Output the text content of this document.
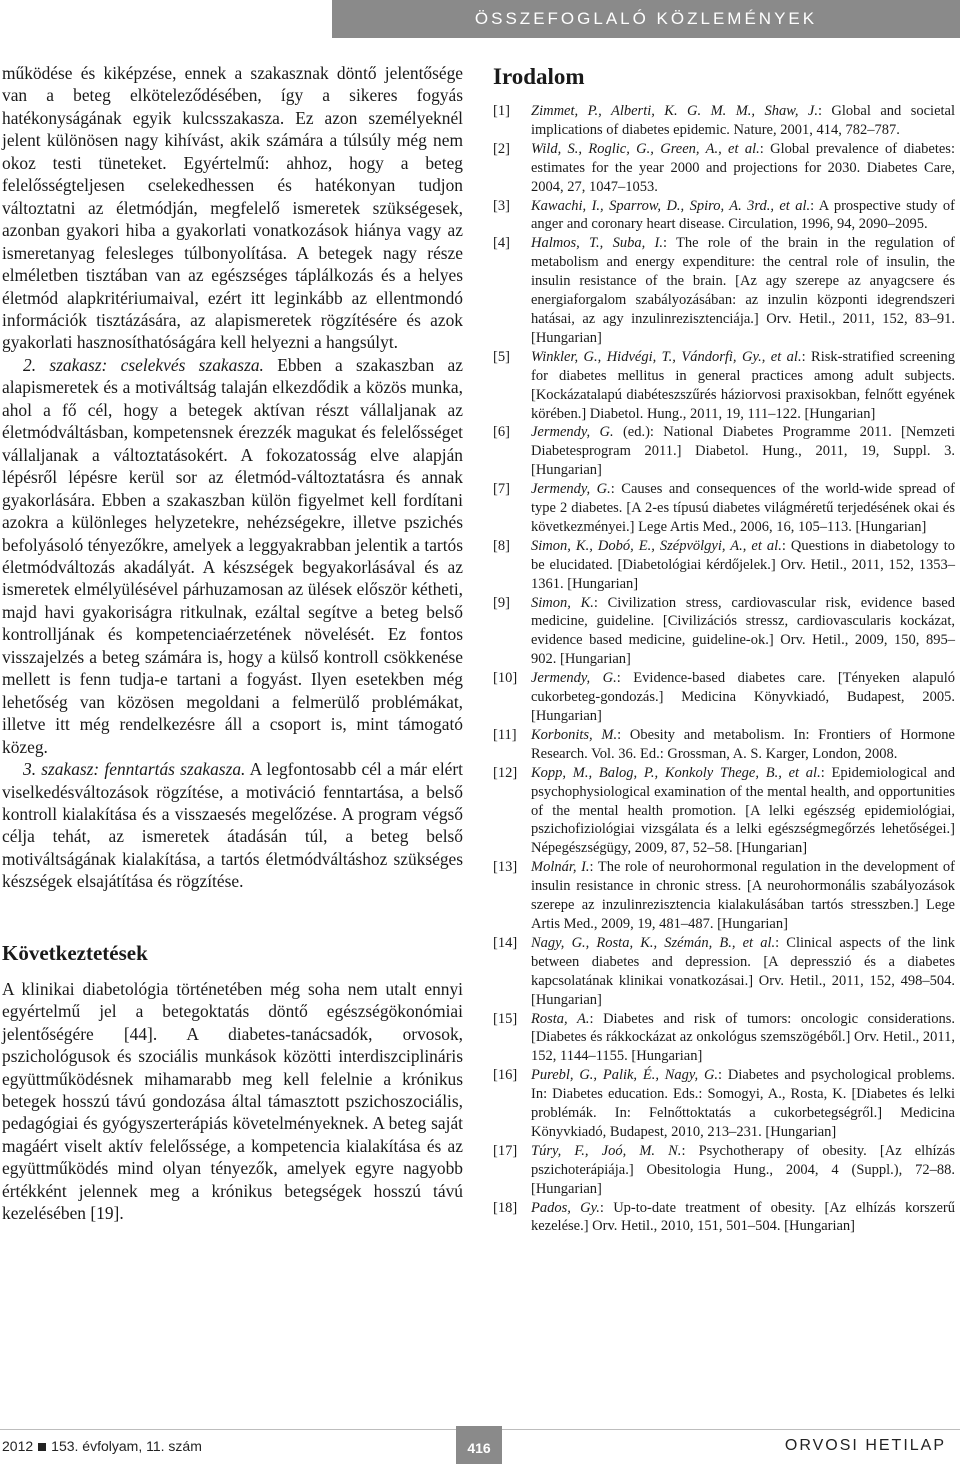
ÖSSZEFOGLALÓ KÖZLEMÉNYEK

működése és kiképzése, ennek a szakasznak döntő jelentősége van a beteg elköteleződésében, így a sikeres fogyás hatékonyságának egyik kulcsszakasza. Ez azon személyeknél jelent különösen nagy kihívást, akik számára a túlsúly még nem okoz testi tüneteket. Egyértelmű: ahhoz, hogy a beteg felelősségteljesen cselekedhessen és hatékonyan tudjon változtatni az életmódján, megfelelő ismeretek szükségesek, azonban gyakori hiba a gyakorlati vonatkozások hiánya vagy az ismeretanyag felesleges túlbonyolítása. A betegek nagy része elméletben tisztában van az egészséges táplálkozás és a helyes életmód alapkritériumaival, ezért itt leginkább az ellentmondó információk tisztázására, az alapismeretek rögzítésére és azok gyakorlati hasznosíthatóságára kell helyezni a hangsúlyt.

2. szakasz: cselekvés szakasza. Ebben a szakaszban az alapismeretek és a motiváltság talaján elkezdődik a közös munka, ahol a fő cél, hogy a betegek aktívan részt vállaljanak az életmódváltásban, kompetensnek érezzék magukat és felelősséget vállaljanak a változtatásokért. A fokozatosság elve alapján lépésről lépésre kerül sor az életmód-változtatásra és annak gyakorlására. Ebben a szakaszban külön figyelmet kell fordítani azokra a különleges helyzetekre, nehézségekre, illetve pszichés befolyásoló tényezőkre, amelyek a leggyakrabban jelentik a tartós életmódváltozás akadályát. A készségek begyakorlásával és az ismeretek elmélyülésével párhuzamosan az ülések először kétheti, majd havi gyakoriságra ritkulnak, ezáltal segítve a beteg belső kontrolljának és kompetenciaérzetének növelését. Ez fontos visszajelzés a beteg számára is, hogy a külső kontroll csökkenése mellett is fenn tudja-e tartani a fogyást. Ilyen esetekben még lehetőség van közösen megoldani a felmerülő problémákat, illetve itt még rendelkezésre áll a csoport is, mint támogató közeg.

3. szakasz: fenntartás szakasza. A legfontosabb cél a már elért viselkedésváltozások rögzítése, a motiváció fenntartása, a belső kontroll kialakítása és a visszaesés megelőzése. A program végső célja tehát, az ismeretek átadásán túl, a beteg belső motiváltságának kialakítása, a tartós életmódváltáshoz szükséges készségek elsajátítása és rögzítése.

Következtetések

A klinikai diabetológia történetében még soha nem utalt ennyi egyértelmű jel a betegoktatás döntő egészségökonómiai jelentőségére [44]. A diabetes-tanácsadók, orvosok, pszichológusok és szociális munkások közötti interdiszciplináris együttműködésnek mihamarabb meg kell felelnie a krónikus betegek hosszú távú gondozása által támasztott pszichoszociális, pedagógiai és gyógyszerterápiás követelményeknek. A beteg saját magáért viselt aktív felelőssége, a kompetencia kialakítása és az együttműködés mind olyan tényezők, amelyek egyre nagyobb értékként jelennek meg a krónikus betegségek hosszú távú kezelésében [19].

Irodalom
[1]	Zimmet, P., Alberti, K. G. M. M., Shaw, J.: Global and societal implications of diabetes epidemic. Nature, 2001, 414, 782–787.
[2]	Wild, S., Roglic, G., Green, A., et al.: Global prevalence of diabetes: estimates for the year 2000 and projections for 2030. Diabetes Care, 2004, 27, 1047–1053.
[3]	Kawachi, I., Sparrow, D., Spiro, A. 3rd., et al.: A prospective study of anger and coronary heart disease. Circulation, 1996, 94, 2090–2095.
[4]	Halmos, T., Suba, I.: The role of the brain in the regulation of metabolism and energy expenditure: the central role of insulin, the insulin resistance of the brain. [Az agy szerepe az anyagcsere és energiaforgalom szabályozásában: az inzulin központi idegrendszeri hatásai, az agy inzulinrezisztenciája.] Orv. Hetil., 2011, 152, 83–91. [Hungarian]
[5]	Winkler, G., Hidvégi, T., Vándorfi, Gy., et al.: Risk-stratified screening for diabetes mellitus in general practices among adult subjects. [Kockázatalapú diabéteszszűrés háziorvosi praxisokban, felnőtt egyének körében.] Diabetol. Hung., 2011, 19, 111–122. [Hungarian]
[6]	Jermendy, G. (ed.): National Diabetes Programme 2011. [Nemzeti Diabetesprogram 2011.] Diabetol. Hung., 2011, 19, Suppl. 3. [Hungarian]
[7]	Jermendy, G.: Causes and consequences of the world-wide spread of type 2 diabetes. [A 2-es típusú diabetes világméretű terjedésének okai és következményei.] Lege Artis Med., 2006, 16, 105–113. [Hungarian]
[8]	Simon, K., Dobó, E., Szépvölgyi, A., et al.: Questions in diabetology to be elucidated. [Diabetológiai kérdőjelek.] Orv. Hetil., 2011, 152, 1353–1361. [Hungarian]
[9]	Simon, K.: Civilization stress, cardiovascular risk, evidence based medicine, guideline. [Civilizációs stressz, cardiovascularis kockázat, evidence based medicine, guideline-ok.] Orv. Hetil., 2009, 150, 895–902. [Hungarian]
[10] Jermendy, G.: Evidence-based diabetes care. [Tényeken alapuló cukorbeteg-gondozás.] Medicina Könyvkiadó, Budapest, 2005. [Hungarian]
[11] Korbonits, M.: Obesity and metabolism. In: Frontiers of Hormone Research. Vol. 36. Ed.: Grossman, A. S. Karger, London, 2008.
[12] Kopp, M., Balog, P., Konkoly Thege, B., et al.: Epidemiological and psychophysiological examination of the mental health, and opportunities of the mental health promotion. [A lelki egészség epidemiológiai, pszichofiziológiai vizsgálata és a lelki egészségmegőrzés lehetőségei.] Népegészségügy, 2009, 87, 52–58. [Hungarian]
[13] Molnár, I.: The role of neurohormonal regulation in the development of insulin resistance in chronic stress. [A neurohormonális szabályozások szerepe az inzulinrezisztencia kialakulásában tartós stresszben.] Lege Artis Med., 2009, 19, 481–487. [Hungarian]
[14] Nagy, G., Rosta, K., Szémán, B., et al.: Clinical aspects of the link between diabetes and depression. [A depresszió és a diabetes kapcsolatának klinikai vonatkozásai.] Orv. Hetil., 2011, 152, 498–504. [Hungarian]
[15] Rosta, A.: Diabetes and risk of tumors: oncologic considerations. [Diabetes és rákkockázat az onkológus szemszögéből.] Orv. Hetil., 2011, 152, 1144–1155. [Hungarian]
[16] Purebl, G., Palik, É., Nagy, G.: Diabetes and psychological problems. In: Diabetes education. Eds.: Somogyi, A., Rosta, K. [Diabetes és lelki problémák. In: Felnőttoktatás a cukorbetegségről.] Medicina Könyvkiadó, Budapest, 2010, 213–231. [Hungarian]
[17] Túry, F., Joó, M. N.: Psychotherapy of obesity. [Az elhízás pszichoterápiája.] Obesitologia Hung., 2004, 4 (Suppl.), 72–88. [Hungarian]
[18] Pados, Gy.: Up-to-date treatment of obesity. [Az elhízás korszerű kezelése.] Orv. Hetil., 2010, 151, 501–504. [Hungarian]
2012 153. évfolyam, 11. szám	416	ORVOSI HETILAP
